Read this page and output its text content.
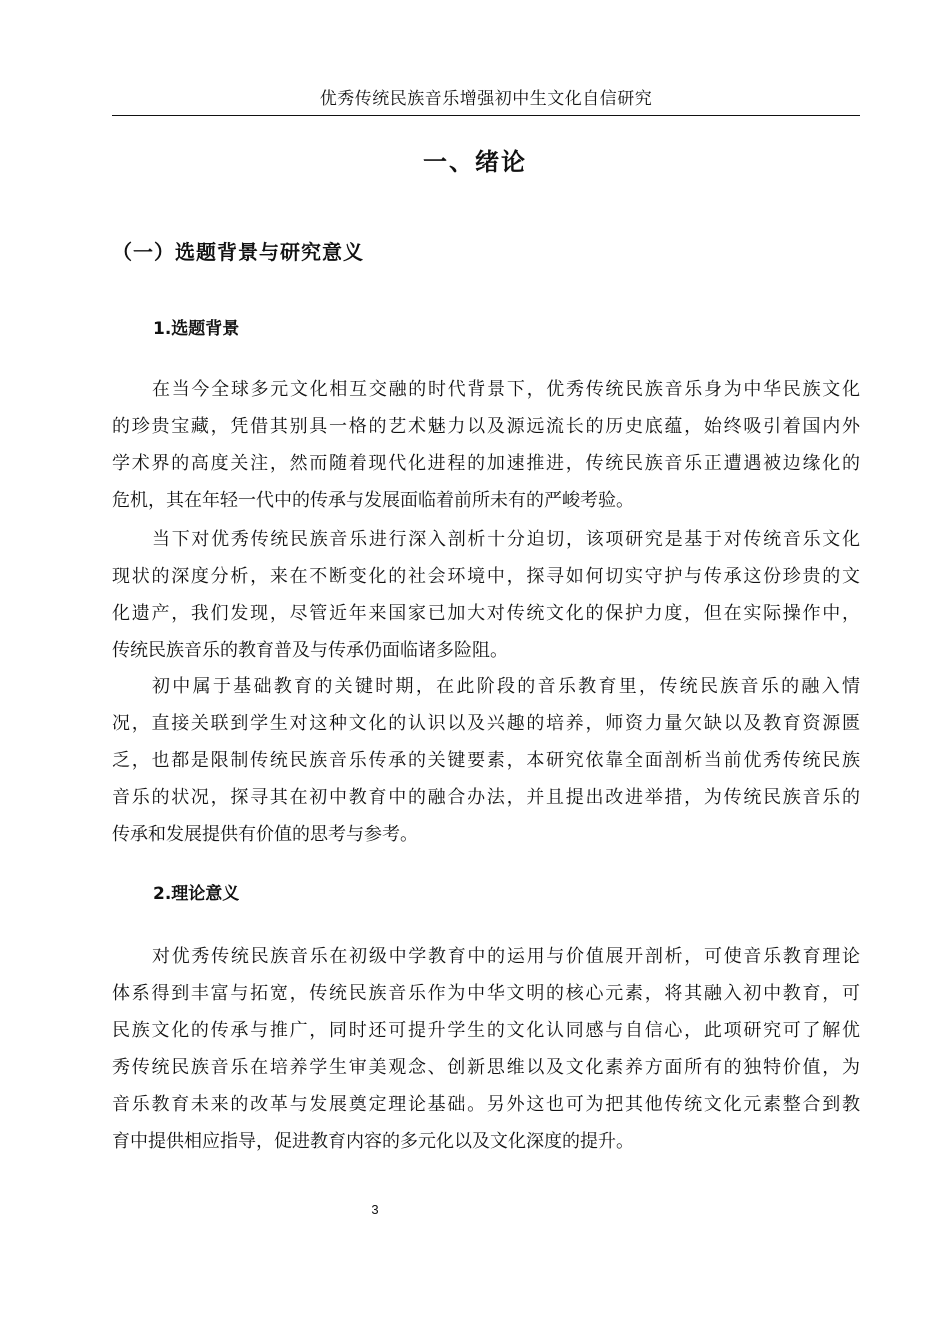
优秀传统民族音乐增强初中生文化自信研究
一、绪论
（一）选题背景与研究意义
1.选题背景
在当今全球多元文化相互交融的时代背景下，优秀传统民族音乐身为中华民族文化
的珍贵宝藏，凭借其别具一格的艺术魅力以及源远流长的历史底蕴，始终吸引着国内外
学术界的高度关注，然而随着现代化进程的加速推进，传统民族音乐正遭遇被边缘化的
危机，其在年轻一代中的传承与发展面临着前所未有的严峻考验。
当下对优秀传统民族音乐进行深入剖析十分迫切，该项研究是基于对传统音乐文化
现状的深度分析，来在不断变化的社会环境中，探寻如何切实守护与传承这份珍贵的文
化遗产，我们发现，尽管近年来国家已加大对传统文化的保护力度，但在实际操作中，
传统民族音乐的教育普及与传承仍面临诸多险阻。
初中属于基础教育的关键时期，在此阶段的音乐教育里，传统民族音乐的融入情
况，直接关联到学生对这种文化的认识以及兴趣的培养，师资力量欠缺以及教育资源匮
乏，也都是限制传统民族音乐传承的关键要素，本研究依靠全面剖析当前优秀传统民族
音乐的状况，探寻其在初中教育中的融合办法，并且提出改进举措，为传统民族音乐的
传承和发展提供有价值的思考与参考。
2.理论意义
对优秀传统民族音乐在初级中学教育中的运用与价值展开剖析，可使音乐教育理论
体系得到丰富与拓宽，传统民族音乐作为中华文明的核心元素，将其融入初中教育，可
民族文化的传承与推广，同时还可提升学生的文化认同感与自信心，此项研究可了解优
秀传统民族音乐在培养学生审美观念、创新思维以及文化素养方面所有的独特价值，为
音乐教育未来的改革与发展奠定理论基础。另外这也可为把其他传统文化元素整合到教
育中提供相应指导，促进教育内容的多元化以及文化深度的提升。
3
